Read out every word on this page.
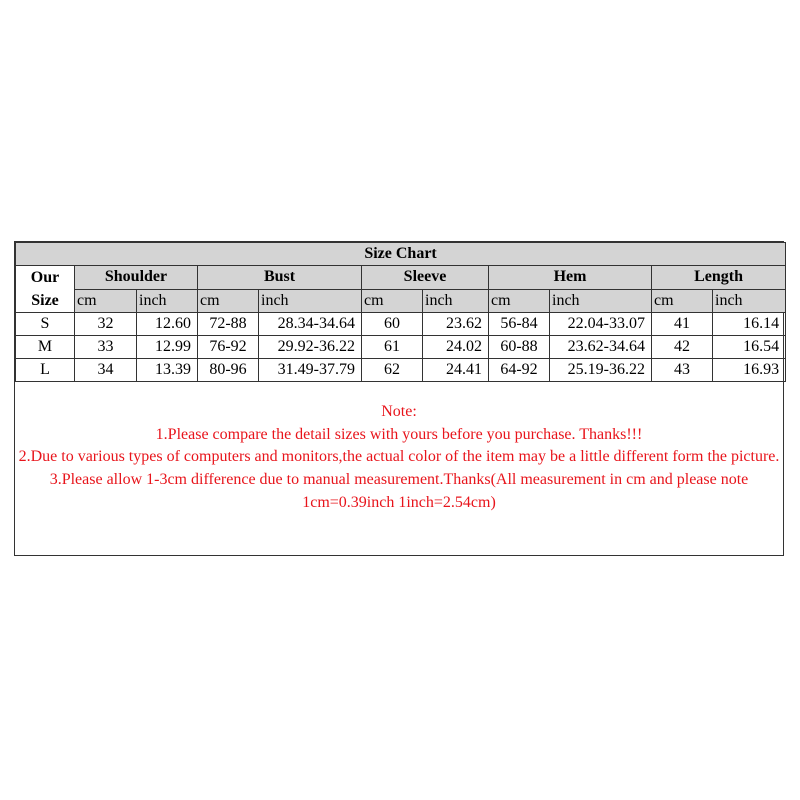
Size Chart										
Our
Size	Shoulder		Bust		Sleeve		Hem		Length	
	cm	inch	cm	inch	cm	inch	cm	inch	cm	inch
S	32	12.60	72-88	28.34-34.64	60	23.62	56-84	22.04-33.07	41	16.14
M	33	12.99	76-92	29.92-36.22	61	24.02	60-88	23.62-34.64	42	16.54
L	34	13.39	80-96	31.49-37.79	62	24.41	64-92	25.19-36.22	43	16.93
Note:
1.Please compare the detail sizes with yours before you purchase. Thanks!!!
2.Due to various types of computers and monitors,the actual color of the item may be a little different form the picture.
3.Please allow 1-3cm difference due to manual measurement.Thanks(All measurement in cm and please note 1cm=0.39inch 1inch=2.54cm)
